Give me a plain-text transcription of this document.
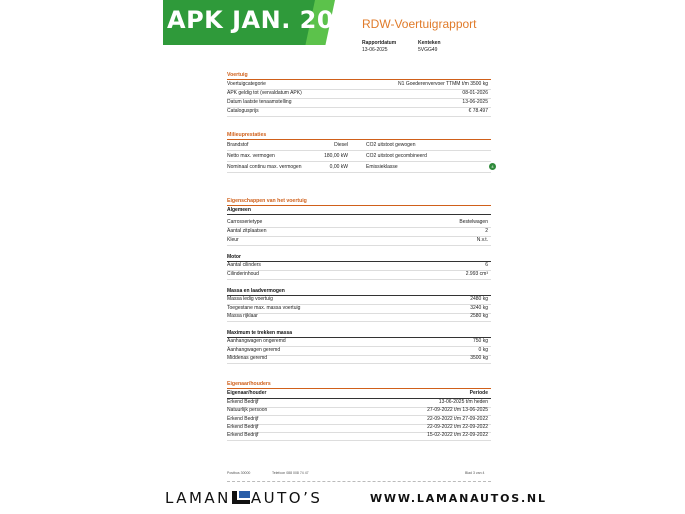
APK JAN. 2027
RDW-Voertuigrapport
Rapportdatum
13-06-2025
Kenteken
5VGG49
Voertuig
Voertuigcategorie	N1 Goederenvervoer TTMM t/m 3500 kg
APK geldig tot (vervaldatum APK)	08-01-2026
Datum laatste tenaamstelling	13-06-2025
Catalogusprijs	€ 78.497
Milieuprestaties
Brandstof	Diesel	CO2 uitstoot gewogen
Netto max. vermogen	180,00 kW	CO2 uitstoot gecombineerd
Nominaal continu max. vermogen	0,00 kW	Emissieklasse	4
Eigenschappen van het voertuig
Algemeen
Carrosserietype	Bestelwagen
Aantal zitplaatsen	2
Kleur	N.v.t.
Motor
Aantal cilinders	6
Cilinderinhoud	2.993 cm³
Massa en laadvermogen
Massa ledig voertuig	2480 kg
Toegestane max. massa voertuig	3240 kg
Massa rijklaar	2580 kg
Maximum te trekken massa
Aanhangwagen ongeremd	750 kg
Aanhangwagen geremd	0 kg
Middenas geremd	3500 kg
Eigenaar/houders
Eigenaar/houder	Periode
Erkend Bedrijf	13-06-2025 t/m heden
Natuurlijk persoon	27-09-2022 t/m 13-06-2025
Erkend Bedrijf	22-09-2022 t/m 27-09-2022
Erkend Bedrijf	22-09-2022 t/m 22-09-2022
Erkend Bedrijf	15-02-2022 t/m 22-09-2022
Postbus 30000	Telefoon 088 008 74 47	Blad 3 van 4
LAMAN AUTO’S	WWW.LAMANAUTOS.NL
